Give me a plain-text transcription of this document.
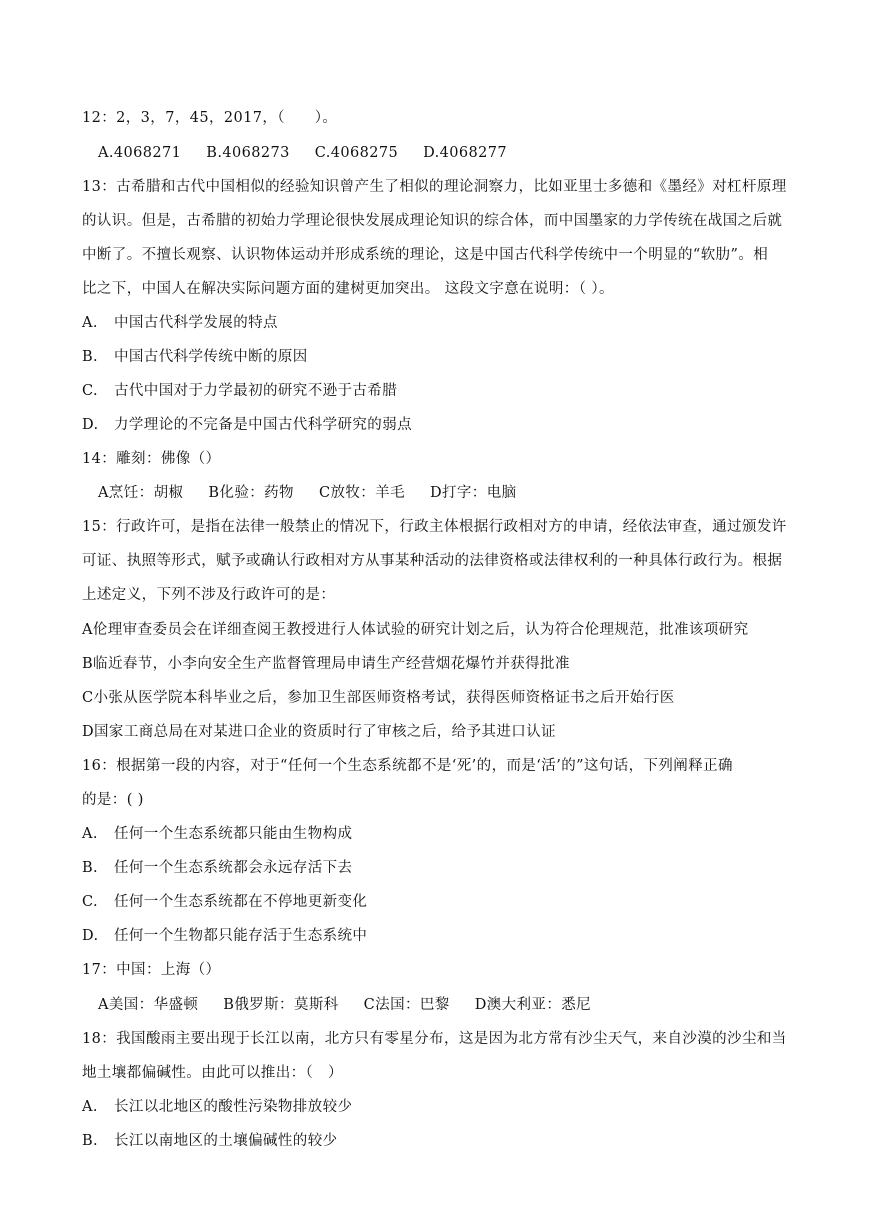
12：2，3，7，45，2017，（　　）。
A.4068271 B.4068273 C.4068275 D.4068277
13：古希腊和古代中国相似的经验知识曾产生了相似的理论洞察力，比如亚里士多德和《墨经》对杠杆原理
的认识。但是，古希腊的初始力学理论很快发展成理论知识的综合体，而中国墨家的力学传统在战国之后就
中断了。不擅长观察、认识物体运动并形成系统的理论，这是中国古代科学传统中一个明显的“软肋”。相
比之下，中国人在解决实际问题方面的建树更加突出。 这段文字意在说明：（ ）。
A. 中国古代科学发展的特点
B. 中国古代科学传统中断的原因
C. 古代中国对于力学最初的研究不逊于古希腊
D. 力学理论的不完备是中国古代科学研究的弱点
14：雕刻：佛像（）
A烹饪：胡椒 B化验：药物 C放牧：羊毛 D打字：电脑
15：行政许可，是指在法律一般禁止的情况下，行政主体根据行政相对方的申请，经依法审查，通过颁发许
可证、执照等形式，赋予或确认行政相对方从事某种活动的法律资格或法律权利的一种具体行政行为。根据
上述定义，下列不涉及行政许可的是：
A伦理审查委员会在详细查阅王教授进行人体试验的研究计划之后，认为符合伦理规范，批准该项研究
B临近春节，小李向安全生产监督管理局申请生产经营烟花爆竹并获得批准
C小张从医学院本科毕业之后，参加卫生部医师资格考试，获得医师资格证书之后开始行医
D国家工商总局在对某进口企业的资质时行了审核之后，给予其进口认证
16：根据第一段的内容，对于“任何一个生态系统都不是‘死’的，而是‘活’的”这句话，下列阐释正确
的是：( )
A. 任何一个生态系统都只能由生物构成
B. 任何一个生态系统都会永远存活下去
C. 任何一个生态系统都在不停地更新变化
D. 任何一个生物都只能存活于生态系统中
17：中国：上海（）
A美国：华盛顿 B俄罗斯：莫斯科 C法国：巴黎 D澳大利亚：悉尼
18：我国酸雨主要出现于长江以南，北方只有零星分布，这是因为北方常有沙尘天气，来自沙漠的沙尘和当
地土壤都偏碱性。由此可以推出：（　）
A. 长江以北地区的酸性污染物排放较少
B. 长江以南地区的土壤偏碱性的较少
